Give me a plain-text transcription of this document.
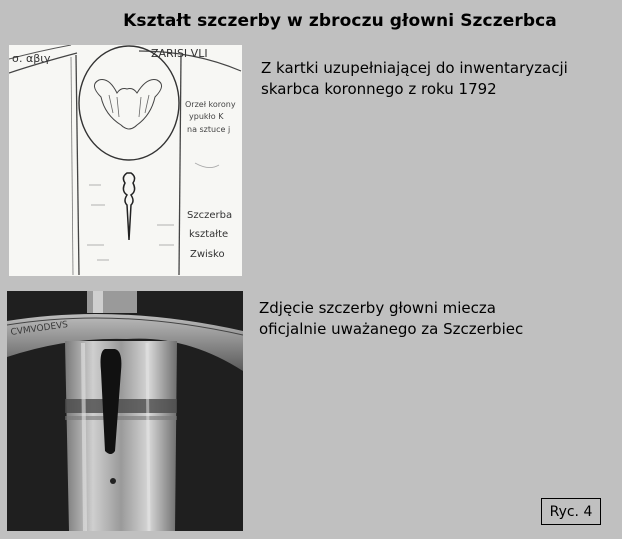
Kształt szczerby w zbroczu głowni Szczerbca
σ. αβιγ	ZARISI VLI
Orzeł korony
ypukło K
na sztuce j
Szczerba
kształte
Zwisko
Z kartki uzupełniającej do inwentaryzacji
skarbca koronnego z roku 1792
CVMVODEVS
Zdjęcie szczerby głowni miecza
oficjalnie uważanego za Szczerbiec
Ryc. 4
